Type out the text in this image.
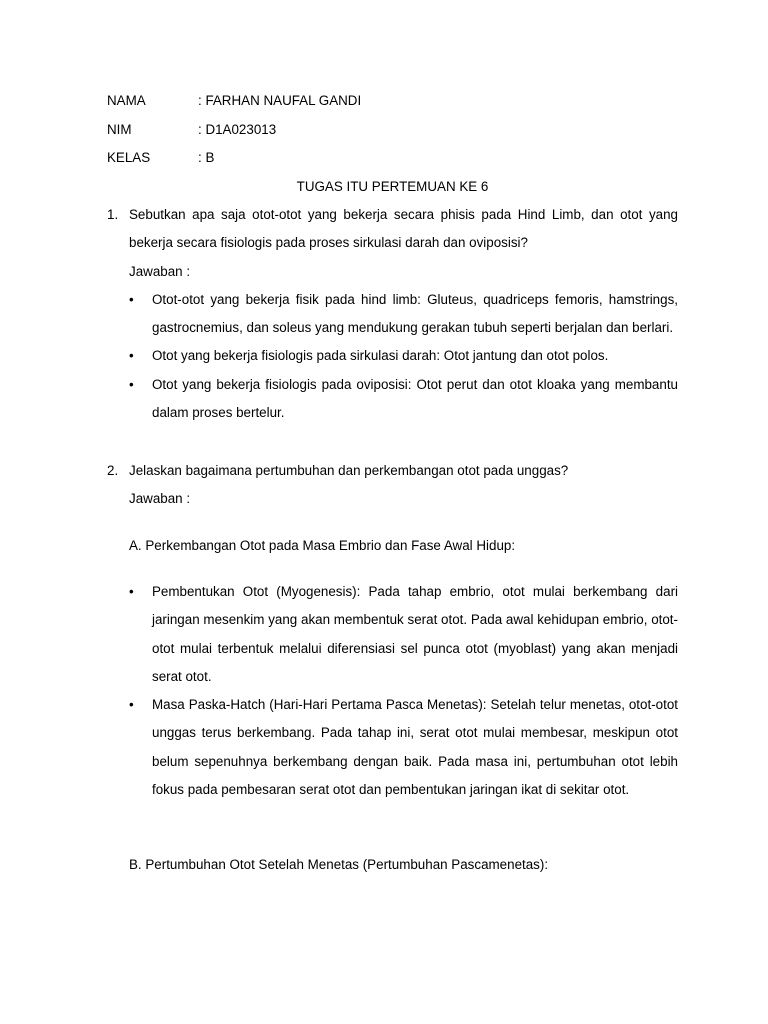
NAMA	: FARHAN NAUFAL GANDI
NIM	: D1A023013
KELAS	: B
TUGAS ITU PERTEMUAN KE 6
1. Sebutkan apa saja otot-otot yang bekerja secara phisis pada Hind Limb, dan otot yang bekerja secara fisiologis pada proses sirkulasi darah dan oviposisi?
Jawaban :
• Otot-otot yang bekerja fisik pada hind limb: Gluteus, quadriceps femoris, hamstrings, gastrocnemius, dan soleus yang mendukung gerakan tubuh seperti berjalan dan berlari.
• Otot yang bekerja fisiologis pada sirkulasi darah: Otot jantung dan otot polos.
• Otot yang bekerja fisiologis pada oviposisi: Otot perut dan otot kloaka yang membantu dalam proses bertelur.
2. Jelaskan bagaimana pertumbuhan dan perkembangan otot pada unggas?
Jawaban :
A. Perkembangan Otot pada Masa Embrio dan Fase Awal Hidup:
• Pembentukan Otot (Myogenesis): Pada tahap embrio, otot mulai berkembang dari jaringan mesenkim yang akan membentuk serat otot. Pada awal kehidupan embrio, otot-otot mulai terbentuk melalui diferensiasi sel punca otot (myoblast) yang akan menjadi serat otot.
• Masa Paska-Hatch (Hari-Hari Pertama Pasca Menetas): Setelah telur menetas, otot-otot unggas terus berkembang. Pada tahap ini, serat otot mulai membesar, meskipun otot belum sepenuhnya berkembang dengan baik. Pada masa ini, pertumbuhan otot lebih fokus pada pembesaran serat otot dan pembentukan jaringan ikat di sekitar otot.
B. Pertumbuhan Otot Setelah Menetas (Pertumbuhan Pascamenetas):
